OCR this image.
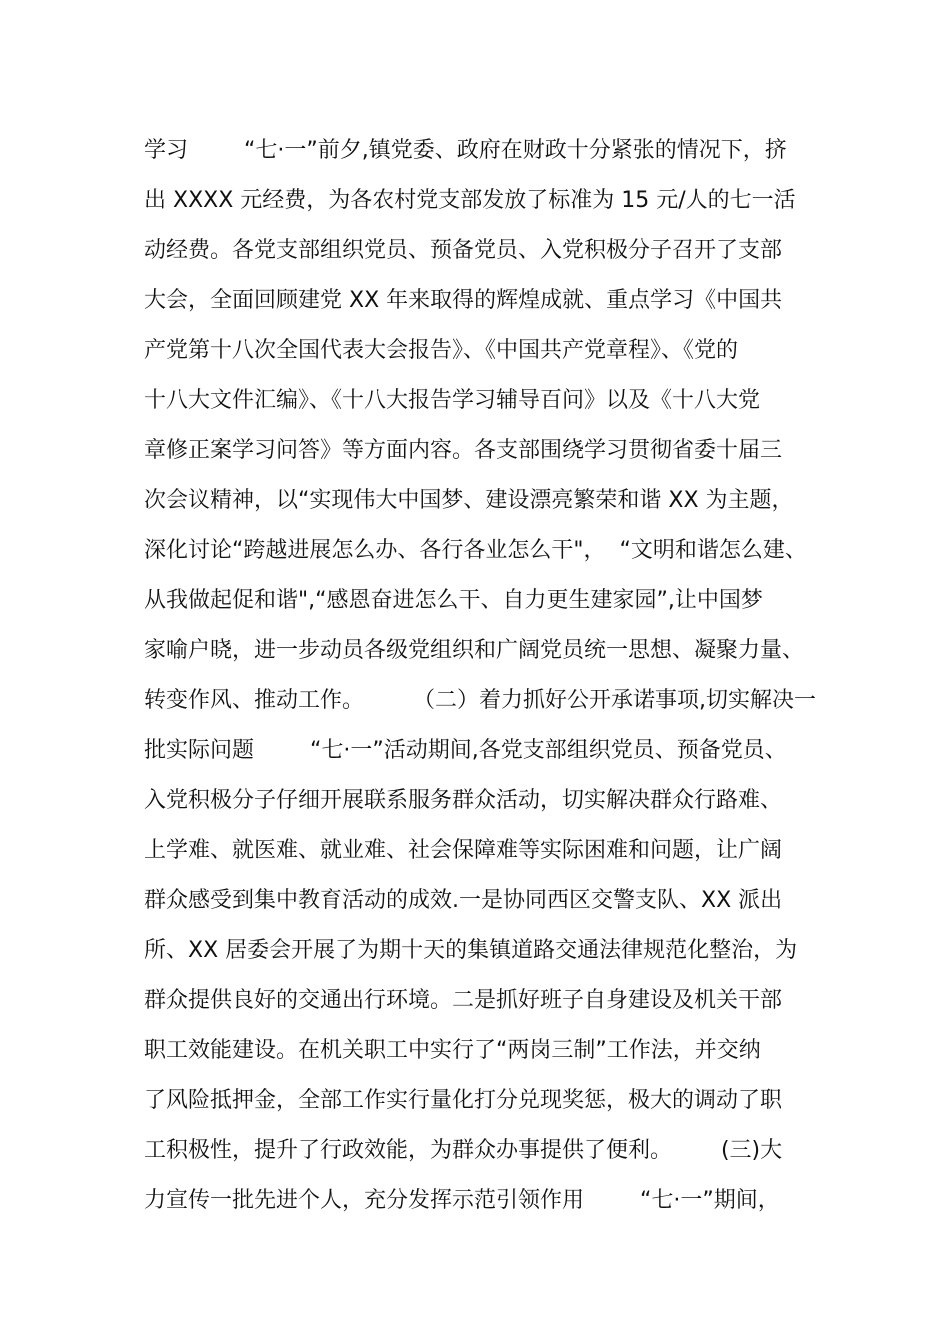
学习        “七·一”前夕,镇党委、政府在财政十分紧张的情况下，挤
出 XXXX 元经费，为各农村党支部发放了标准为 15 元/人的七一活
动经费。各党支部组织党员、预备党员、入党积极分子召开了支部
大会，全面回顾建党 XX 年来取得的辉煌成就、重点学习《中国共
产党第十八次全国代表大会报告》、《中国共产党章程》、《党的
十八大文件汇编》、《十八大报告学习辅导百问》以及《十八大党
章修正案学习问答》等方面内容。各支部围绕学习贯彻省委十届三
次会议精神，以“实现伟大中国梦、建设漂亮繁荣和谐 XX 为主题，
深化讨论“跨越进展怎么办、各行各业怎么干"，  “文明和谐怎么建、
从我做起促和谐",“感恩奋进怎么干、自力更生建家园”,让中国梦
家喻户晓，进一步动员各级党组织和广阔党员统一思想、凝聚力量、
转变作风、推动工作。       （二）着力抓好公开承诺事项,切实解决一
批实际问题        “七·一”活动期间,各党支部组织党员、预备党员、
入党积极分子仔细开展联系服务群众活动，切实解决群众行路难、
上学难、就医难、就业难、社会保障难等实际困难和问题，让广阔
群众感受到集中教育活动的成效.一是协同西区交警支队、XX 派出
所、XX 居委会开展了为期十天的集镇道路交通法律规范化整治，为
群众提供良好的交通出行环境。二是抓好班子自身建设及机关干部
职工效能建设。在机关职工中实行了“两岗三制”工作法，并交纳
了风险抵押金，全部工作实行量化打分兑现奖惩，极大的调动了职
工积极性，提升了行政效能，为群众办事提供了便利。       (三)大
力宣传一批先进个人，充分发挥示范引领作用        “七·一”期间，
